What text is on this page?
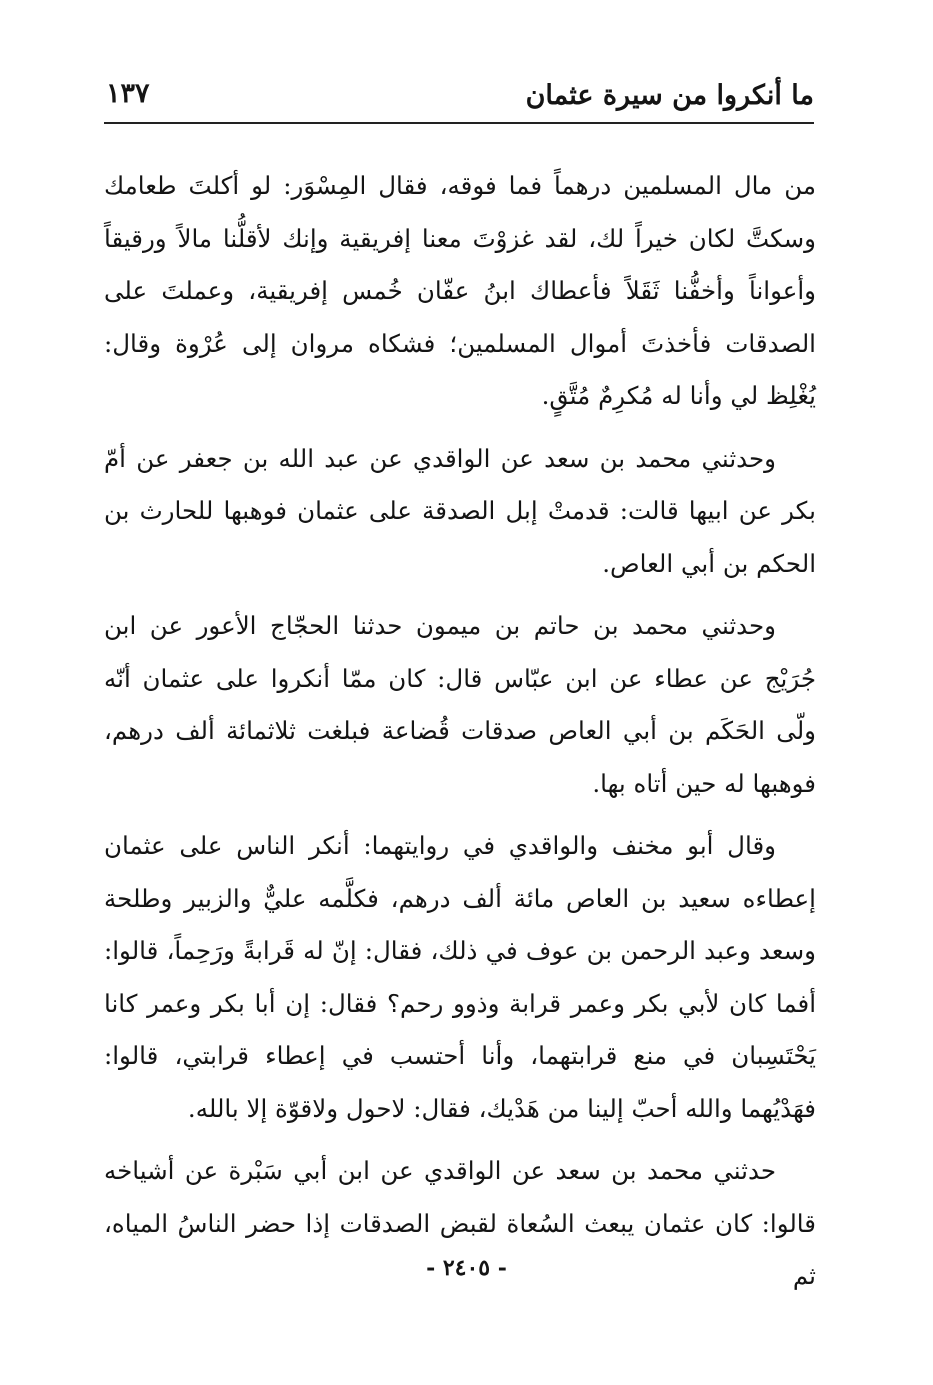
ما أنكروا من سيرة عثمان
١٣٧

من مال المسلمين درهماً فما فوقه، فقال المِسْوَر: لو أكلتَ طعامك وسكتَّ لكان خيراً لك، لقد غزوْتَ معنا إفريقية وإنك لأقلُّنا مالاً ورقيقاً وأعواناً وأخفُّنا ثَقَلاً فأعطاك ابنُ عفّان خُمس إفريقية، وعملتَ على الصدقات فأخذتَ أموال المسلمين؛ فشكاه مروان إلى عُرْوة وقال: يُغْلِظ لي وأنا له مُكرِمٌ مُتَّقٍ.

وحدثني محمد بن سعد عن الواقدي عن عبد الله بن جعفر عن أمّ بكر عن ابيها قالت: قدمتْ إبل الصدقة على عثمان فوهبها للحارث بن الحكم بن أبي العاص.

وحدثني محمد بن حاتم بن ميمون حدثنا الحجّاج الأعور عن ابن جُرَيْج عن عطاء عن ابن عبّاس قال: كان ممّا أنكروا على عثمان أنّه ولّى الحَكَم بن أبي العاص صدقات قُضاعة فبلغت ثلاثمائة ألف درهم، فوهبها له حين أتاه بها.

وقال أبو مخنف والواقدي في روايتهما: أنكر الناس على عثمان إعطاءه سعيد بن العاص مائة ألف درهم، فكلَّمه عليٌّ والزبير وطلحة وسعد وعبد الرحمن بن عوف في ذلك، فقال: إنّ له قَرابةً ورَحِماً، قالوا: أفما كان لأبي بكر وعمر قرابة وذوو رحم؟ فقال: إن أبا بكر وعمر كانا يَحْتَسِبان في منع قرابتهما، وأنا أحتسب في إعطاء قرابتي، قالوا: فهَدْيُهما والله أحبّ إلينا من هَدْيك، فقال: لاحول ولاقوّة إلا بالله.

حدثني محمد بن سعد عن الواقدي عن ابن أبي سَبْرة عن أشياخه قالوا: كان عثمان يبعث السُعاة لقبض الصدقات إذا حضر الناسُ المياه، ثم

- ٢٤٠٥ -
